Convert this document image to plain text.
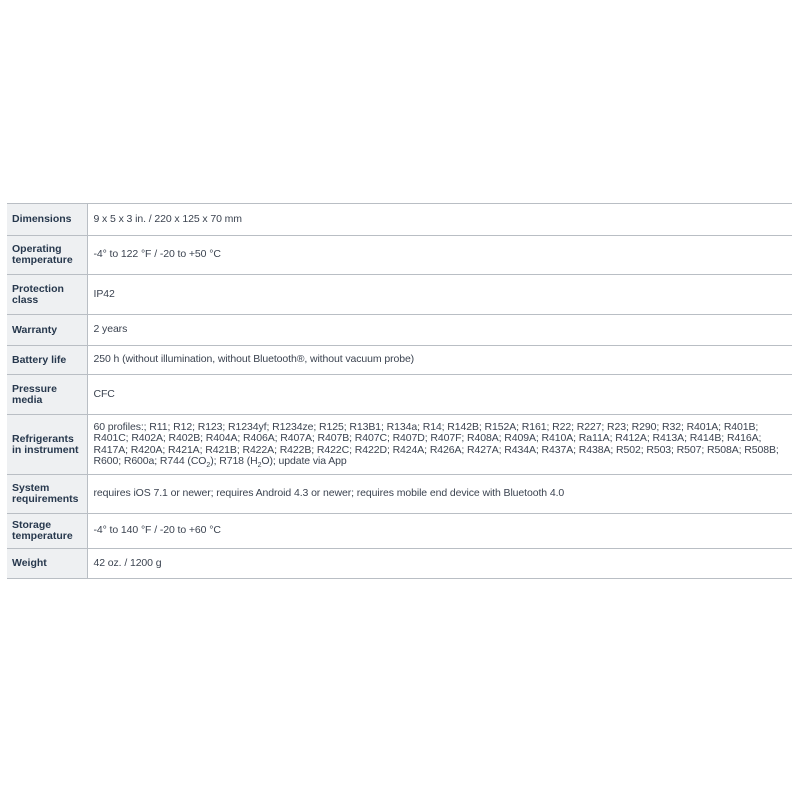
Dimensions	9 x 5 x 3 in. / 220 x 125 x 70 mm
Operating temperature	-4° to 122 °F / -20 to +50 °C
Protection class	IP42
Warranty	2 years
Battery life	250 h (without illumination, without Bluetooth®, without vacuum probe)
Pressure media	CFC
Refrigerants in instrument	60 profiles:; R11; R12; R123; R1234yf; R1234ze; R125; R13B1; R134a; R14; R142B; R152A; R161; R22; R227; R23; R290; R32; R401A; R401B; R401C; R402A; R402B; R404A; R406A; R407A; R407B; R407C; R407D; R407F; R408A; R409A; R410A; Ra11A; R412A; R413A; R414B; R416A; R417A; R420A; R421A; R421B; R422A; R422B; R422C; R422D; R424A; R426A; R427A; R434A; R437A; R438A; R502; R503; R507; R508A; R508B; R600; R600a; R744 $(CO_2)$; R718 $(H_2O)$; update via App
System requirements	requires iOS 7.1 or newer; requires Android 4.3 or newer; requires mobile end device with Bluetooth 4.0
Storage temperature	-4° to 140 °F / -20 to +60 °C
Weight	42 oz. / 1200 g
